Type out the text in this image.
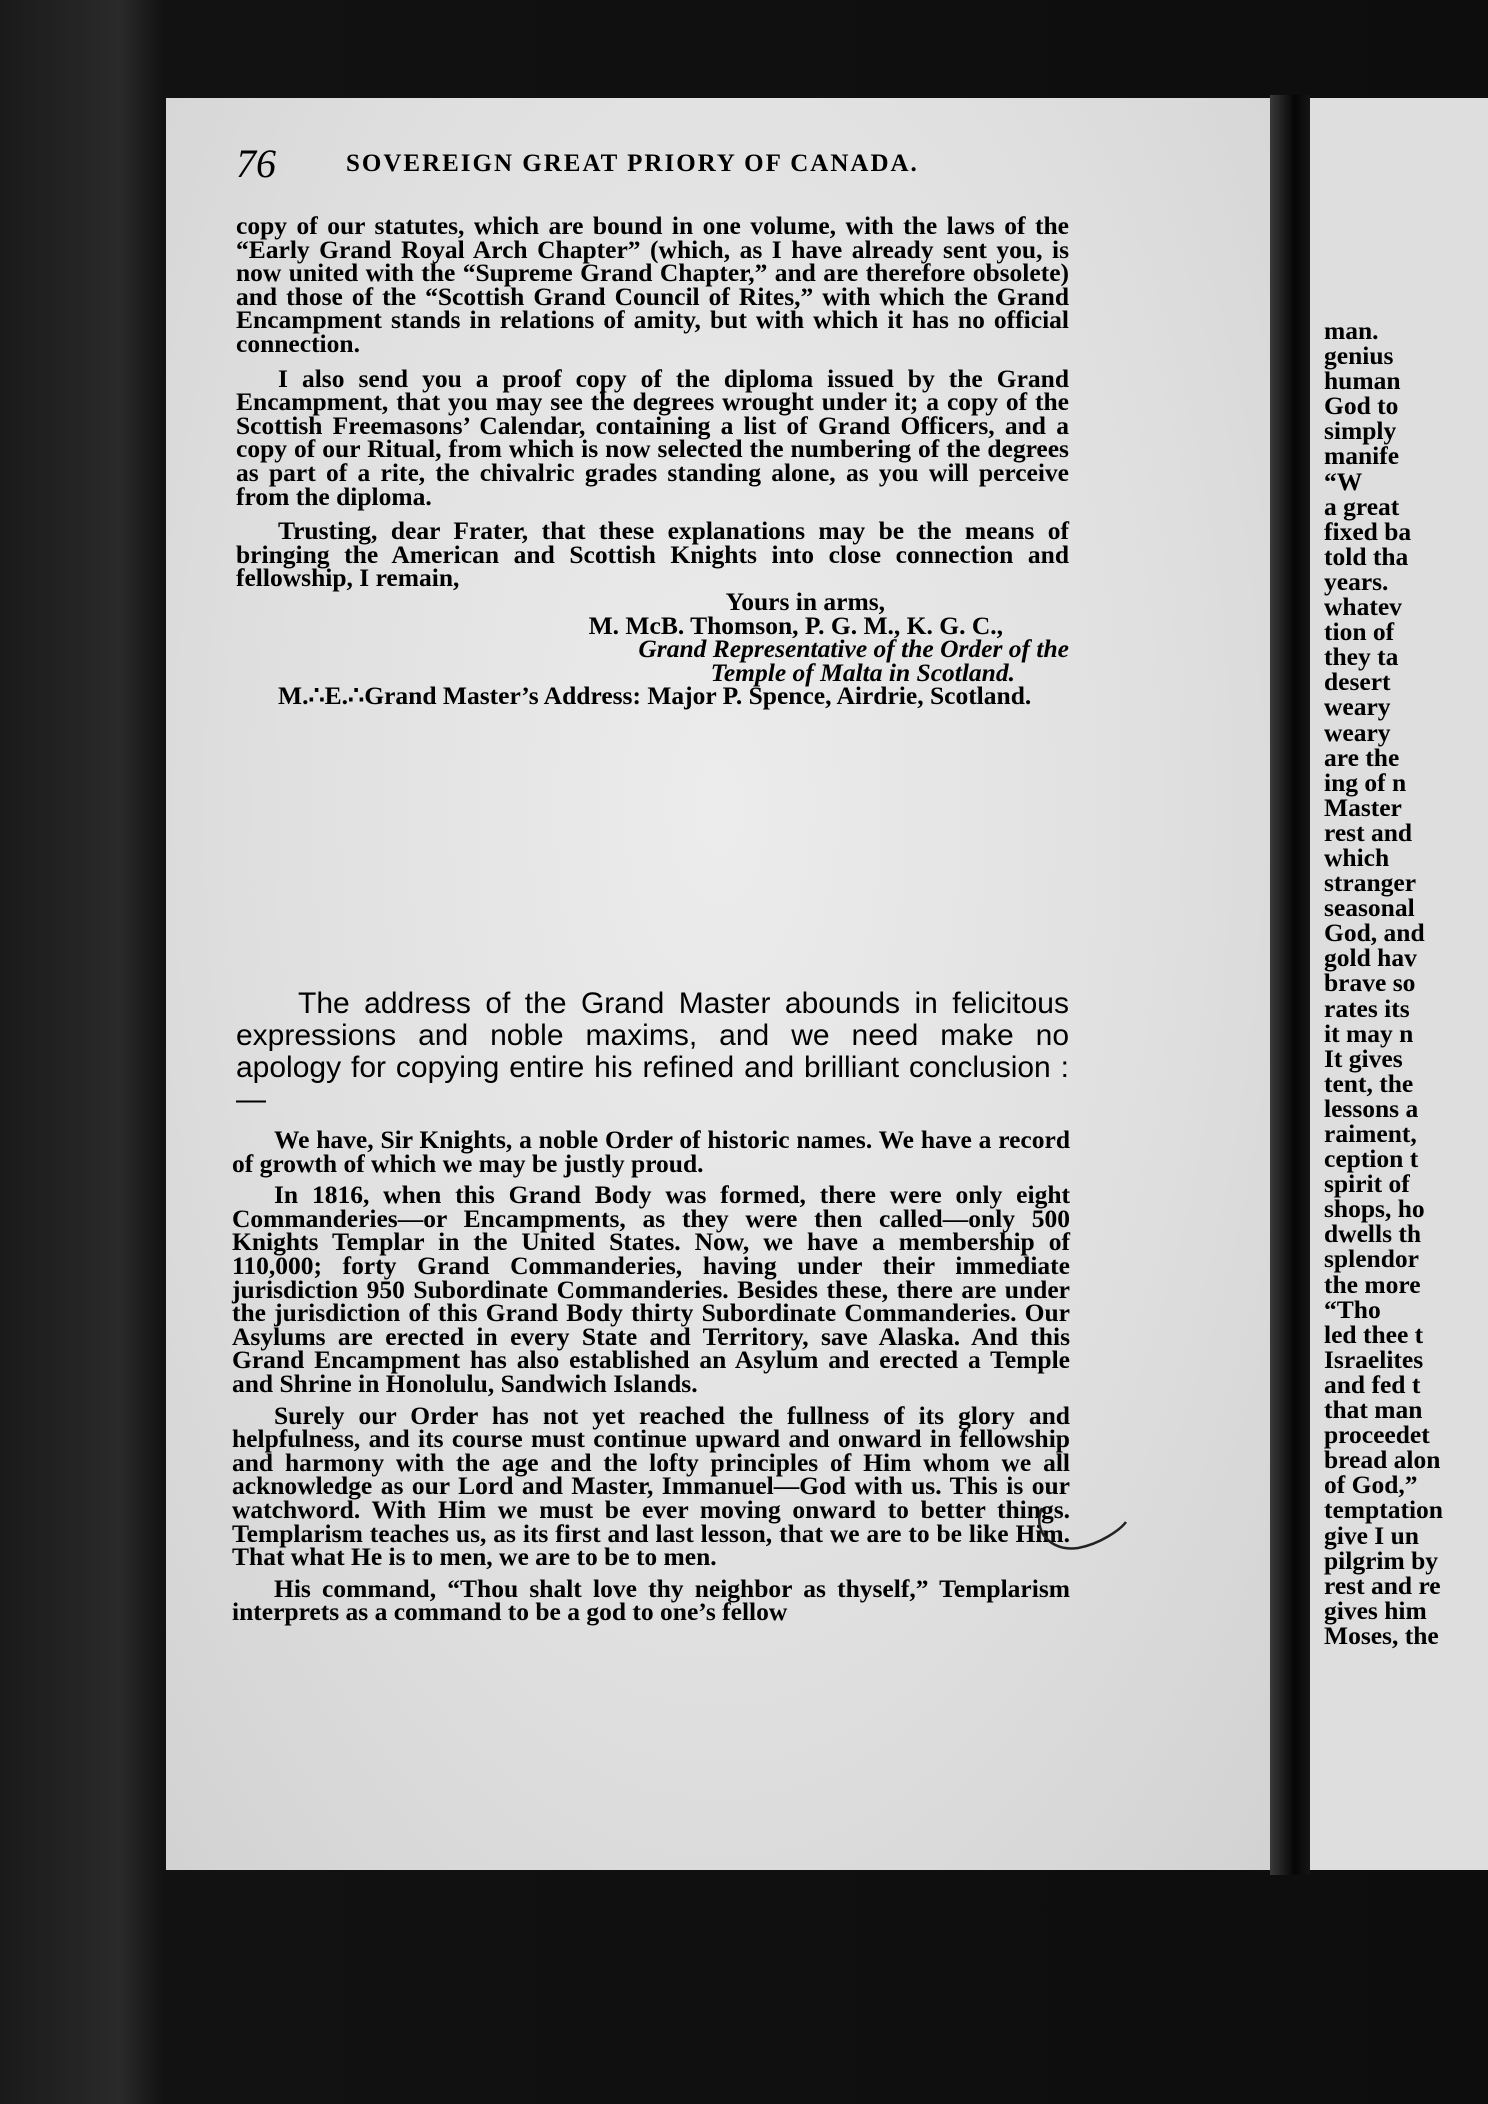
76	SOVEREIGN GREAT PRIORY OF CANADA.

copy of our statutes, which are bound in one volume, with the laws of the “Early Grand Royal Arch Chapter” (which, as I have already sent you, is now united with the “Supreme Grand Chapter,” and are therefore obsolete) and those of the “Scottish Grand Council of Rites,” with which the Grand Encampment stands in relations of amity, but with which it has no official connection.

I also send you a proof copy of the diploma issued by the Grand Encampment, that you may see the degrees wrought under it; a copy of the Scottish Freemasons’ Calendar, containing a list of Grand Officers, and a copy of our Ritual, from which is now selected the numbering of the degrees as part of a rite, the chivalric grades standing alone, as you will perceive from the diploma.

Trusting, dear Frater, that these explanations may be the means of bringing the American and Scottish Knights into close connection and fellowship, I remain,

Yours in arms,

M. McB. Thomson, P. G. M., K. G. C.,

Grand Representative of the Order of the
Temple of Malta in Scotland.

M.∴E.∴Grand Master’s Address: Major P. Spence, Airdrie, Scotland.

The address of the Grand Master abounds in felicitous expressions and noble maxims, and we need make no apology for copying entire his refined and brilliant conclusion :—

We have, Sir Knights, a noble Order of historic names. We have a record of growth of which we may be justly proud.

In 1816, when this Grand Body was formed, there were only eight Commanderies—or Encampments, as they were then called—only 500 Knights Templar in the United States. Now, we have a membership of 110,000; forty Grand Commanderies, having under their immediate jurisdiction 950 Subordinate Commanderies. Besides these, there are under the jurisdiction of this Grand Body thirty Subordinate Commanderies. Our Asylums are erected in every State and Territory, save Alaska. And this Grand Encampment has also established an Asylum and erected a Temple and Shrine in Honolulu, Sandwich Islands.

Surely our Order has not yet reached the fullness of its glory and helpfulness, and its course must continue upward and onward in fellowship and harmony with the age and the lofty principles of Him whom we all acknowledge as our Lord and Master, Immanuel—God with us. This is our watchword. With Him we must be ever moving onward to better things. Templarism teaches us, as its first and last lesson, that we are to be like Him. That what He is to men, we are to be to men.

His command, “Thou shalt love thy neighbor as thyself,” Templarism interprets as a command to be a god to one’s fellow

man.

genius

human

God to

simply

manife

“W

a great

fixed ba

told tha

years.

whatev

tion of

they ta

desert

weary

weary

are the

ing of n

Master

rest and

which

stranger

seasonal

God, and

gold hav

brave so

rates its

it may n

It gives

tent, the

lessons a

raiment,

ception t

spirit of

shops, ho

dwells th

splendor

the more

“Tho

led thee t

Israelites

and fed t

that man

proceedet

bread alon

of God,”

temptation

give I un

pilgrim by

rest and re

gives him

Moses, the
